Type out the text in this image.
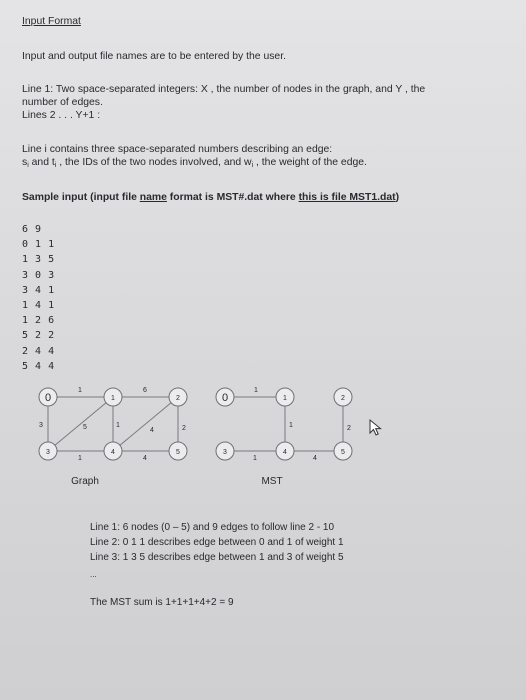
Input Format
Input and output file names are to be entered by the user.
Line 1: Two space-separated integers: X , the number of nodes in the graph, and Y , the
number of edges.
Lines 2 . . . Y+1 :
Line i contains three space-separated numbers describing an edge:
$s_i$ and $t_i$ , the IDs of the two nodes involved, and $w_i$ , the weight of the edge.
Sample input (input file name format is MST#.dat where this is file MST1.dat)
6 9
0 1 1
1 3 5
3 0 3
3 4 1
1 4 1
1 2 6
5 2 2
2 4 4
5 4 4
0	1	2
3	4	5
1	6
3	5	1
4	2
1	4
Graph
0	1	2
3	4	5
1
1	2
1	4
MST
Line 1: 6 nodes (0 – 5) and 9 edges to follow line 2 - 10
Line 2: 0 1 1 describes edge between 0 and 1 of weight 1
Line 3: 1 3 5 describes edge between 1 and 3 of weight 5
...
The MST sum is 1+1+1+4+2 = 9
